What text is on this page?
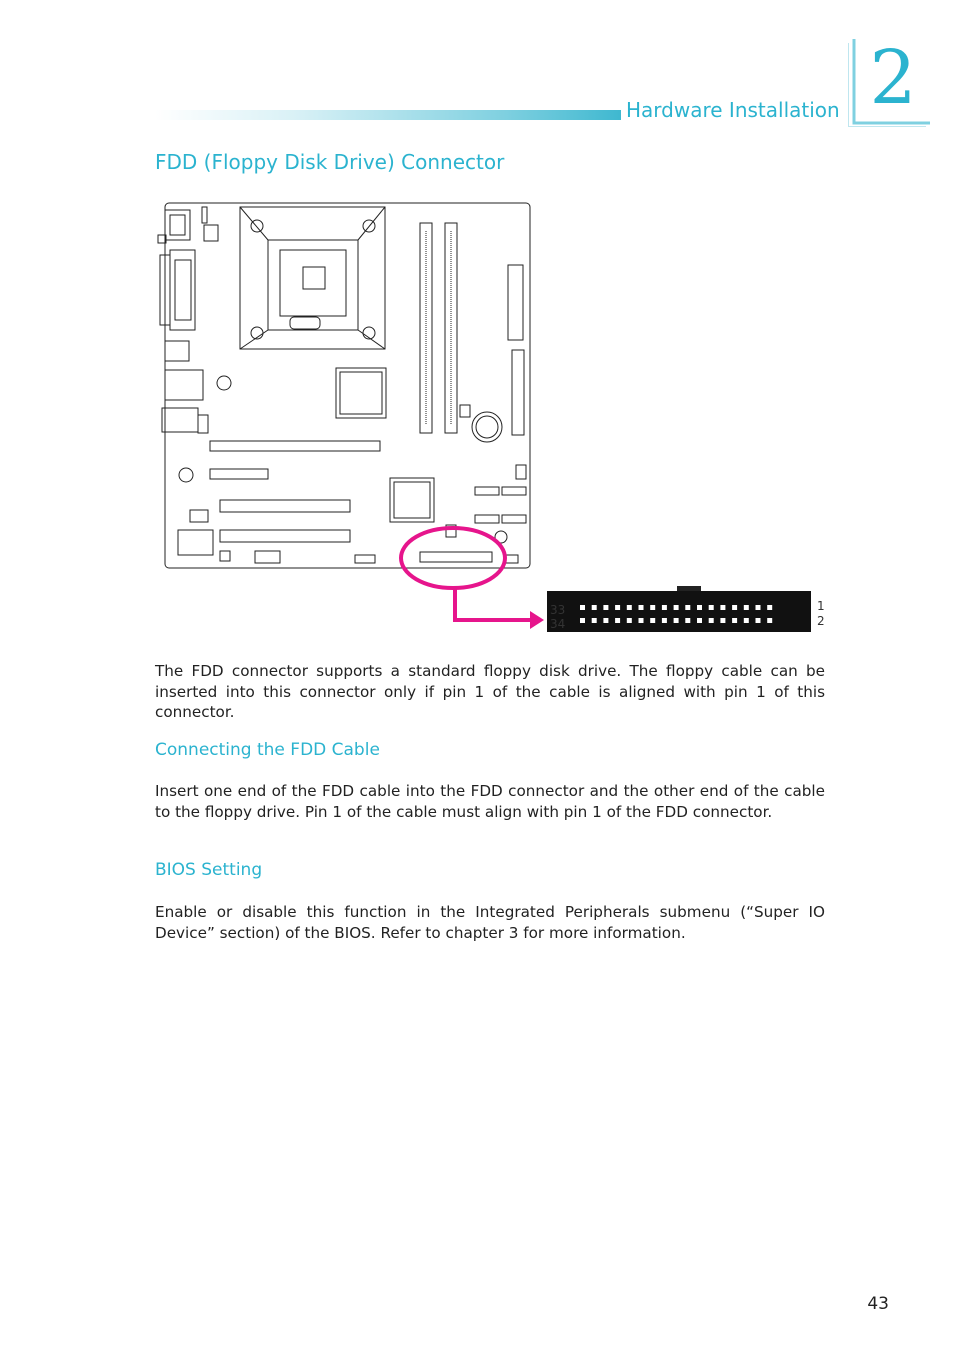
Hardware Installation 2
FDD (Floppy Disk Drive) Connector
33
34
1
2
The FDD connector supports a standard floppy disk drive. The floppy cable can be inserted into this connector only if pin 1 of the cable is aligned with pin 1 of this connector.
Connecting the FDD Cable
Insert one end of the FDD cable into the FDD connector and the other end of the cable to the floppy drive. Pin 1 of the cable must align with pin 1 of the FDD connector.
BIOS Setting
Enable or disable this function in the Integrated Peripherals submenu (“Super IO Device” section) of the BIOS. Refer to chapter 3 for more information.
43
